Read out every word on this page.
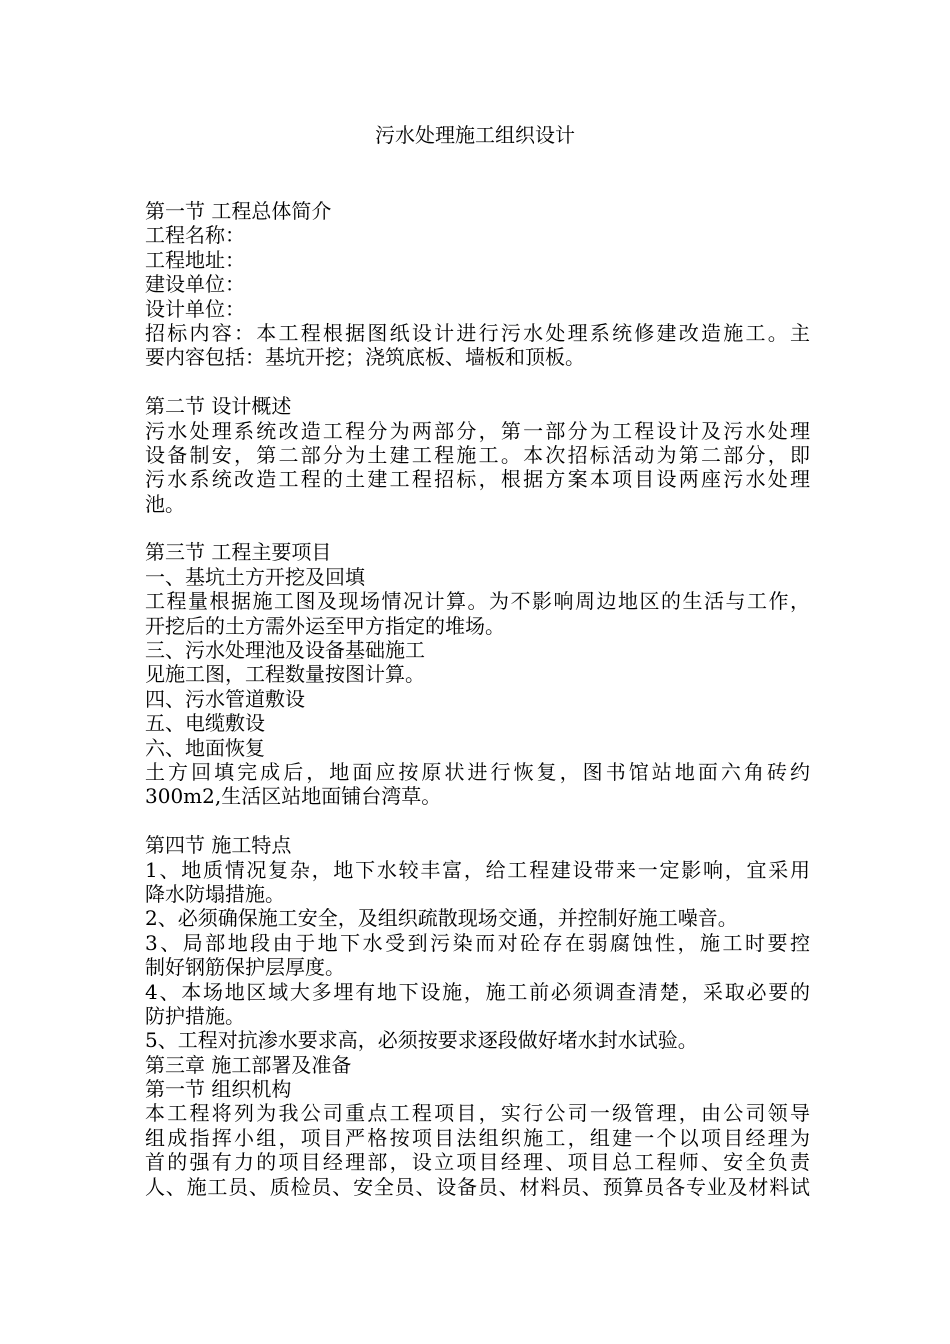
污水处理施工组织设计
第一节 工程总体简介
工程名称：
工程地址：
建设单位：
设计单位：
招标内容：本工程根据图纸设计进行污水处理系统修建改造施工。主
要内容包括：基坑开挖；浇筑底板、墙板和顶板。
第二节 设计概述
污水处理系统改造工程分为两部分，第一部分为工程设计及污水处理
设备制安，第二部分为土建工程施工。本次招标活动为第二部分，即
污水系统改造工程的土建工程招标，根据方案本项目设两座污水处理
池。
第三节 工程主要项目
一、基坑土方开挖及回填
工程量根据施工图及现场情况计算。为不影响周边地区的生活与工作，
开挖后的土方需外运至甲方指定的堆场。
三、污水处理池及设备基础施工
见施工图，工程数量按图计算。
四、污水管道敷设
五、电缆敷设
六、地面恢复
土方回填完成后，地面应按原状进行恢复，图书馆站地面六角砖约
300m2,生活区站地面铺台湾草。
第四节 施工特点
1、地质情况复杂，地下水较丰富，给工程建设带来一定影响，宜采用
降水防塌措施。
2、必须确保施工安全，及组织疏散现场交通，并控制好施工噪音。
3、局部地段由于地下水受到污染而对砼存在弱腐蚀性，施工时要控
制好钢筋保护层厚度。
4、本场地区域大多埋有地下设施，施工前必须调查清楚，采取必要的
防护措施。
5、工程对抗渗水要求高，必须按要求逐段做好堵水封水试验。
第三章 施工部署及准备
第一节 组织机构
本工程将列为我公司重点工程项目，实行公司一级管理，由公司领导
组成指挥小组，项目严格按项目法组织施工，组建一个以项目经理为
首的强有力的项目经理部，设立项目经理、项目总工程师、安全负责
人、施工员、质检员、安全员、设备员、材料员、预算员各专业及材料试
